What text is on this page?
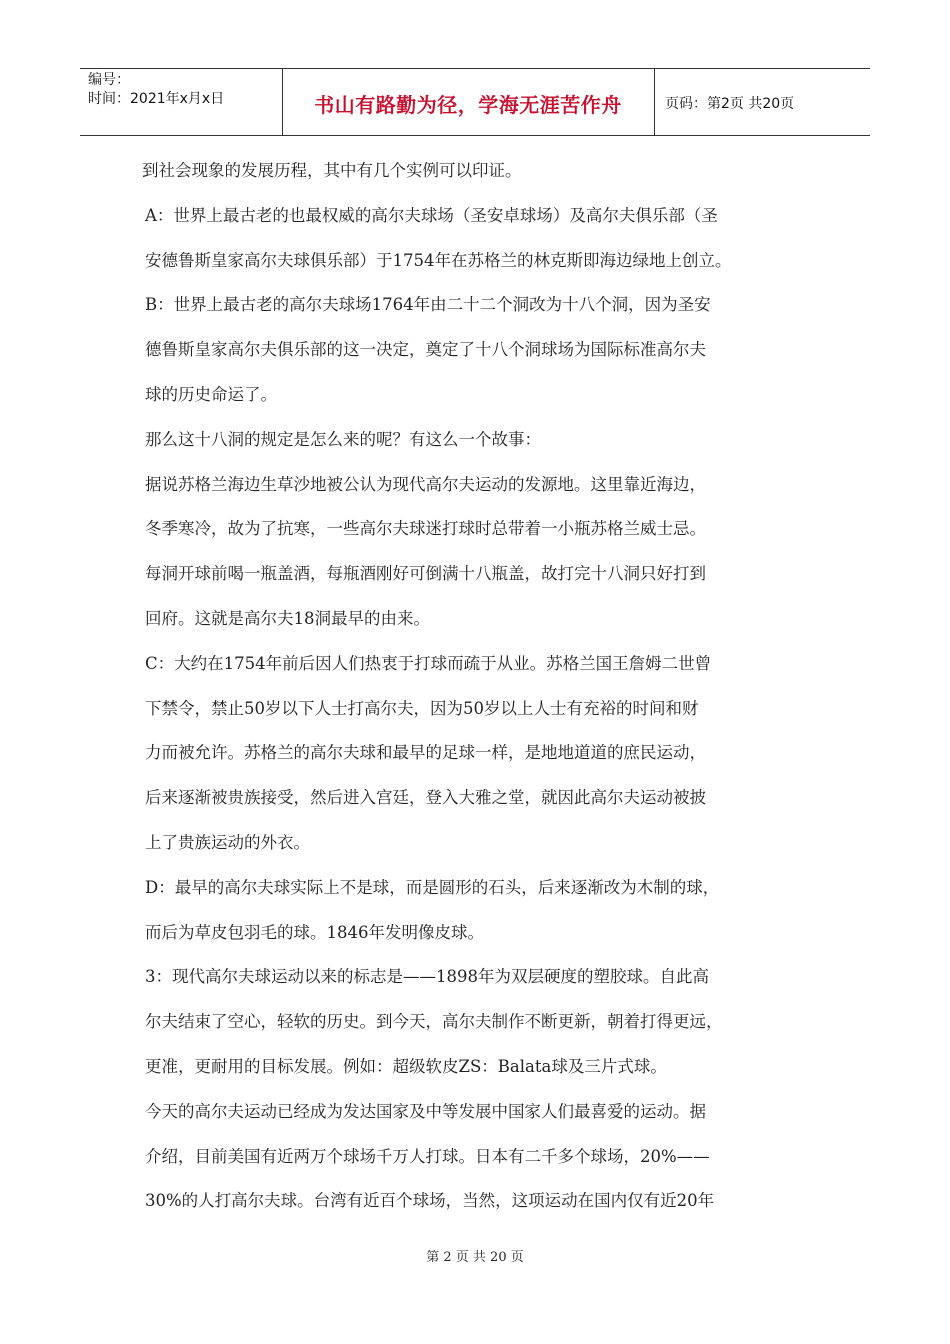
编号：
时间：2021年x月x日	书山有路勤为径，学海无涯苦作舟	页码：第2页 共20页
到社会现象的发展历程，其中有几个实例可以印证。
A：世界上最古老的也最权威的高尔夫球场（圣安卓球场）及高尔夫俱乐部（圣
安德鲁斯皇家高尔夫球俱乐部）于1754年在苏格兰的林克斯即海边绿地上创立。
B：世界上最古老的高尔夫球场1764年由二十二个洞改为十八个洞，因为圣安
德鲁斯皇家高尔夫俱乐部的这一决定，奠定了十八个洞球场为国际标准高尔夫
球的历史命运了。
那么这十八洞的规定是怎么来的呢？有这么一个故事：
据说苏格兰海边生草沙地被公认为现代高尔夫运动的发源地。这里靠近海边，
冬季寒冷，故为了抗寒，一些高尔夫球迷打球时总带着一小瓶苏格兰威士忌。
每洞开球前喝一瓶盖酒，每瓶酒刚好可倒满十八瓶盖，故打完十八洞只好打到
回府。这就是高尔夫18洞最早的由来。
C：大约在1754年前后因人们热衷于打球而疏于从业。苏格兰国王詹姆二世曾
下禁令，禁止50岁以下人士打高尔夫，因为50岁以上人士有充裕的时间和财
力而被允许。苏格兰的高尔夫球和最早的足球一样，是地地道道的庶民运动，
后来逐渐被贵族接受，然后进入宫廷，登入大雅之堂，就因此高尔夫运动被披
上了贵族运动的外衣。
D：最早的高尔夫球实际上不是球，而是圆形的石头，后来逐渐改为木制的球，
而后为草皮包羽毛的球。1846年发明像皮球。
3：现代高尔夫球运动以来的标志是——1898年为双层硬度的塑胶球。自此高
尔夫结束了空心，轻软的历史。到今天，高尔夫制作不断更新，朝着打得更远，
更准，更耐用的目标发展。例如：超级软皮ZS：Balata球及三片式球。
今天的高尔夫运动已经成为发达国家及中等发展中国家人们最喜爱的运动。据
介绍，目前美国有近两万个球场千万人打球。日本有二千多个球场，20%——
30%的人打高尔夫球。台湾有近百个球场，当然，这项运动在国内仅有近20年
第 2 页 共 20 页
